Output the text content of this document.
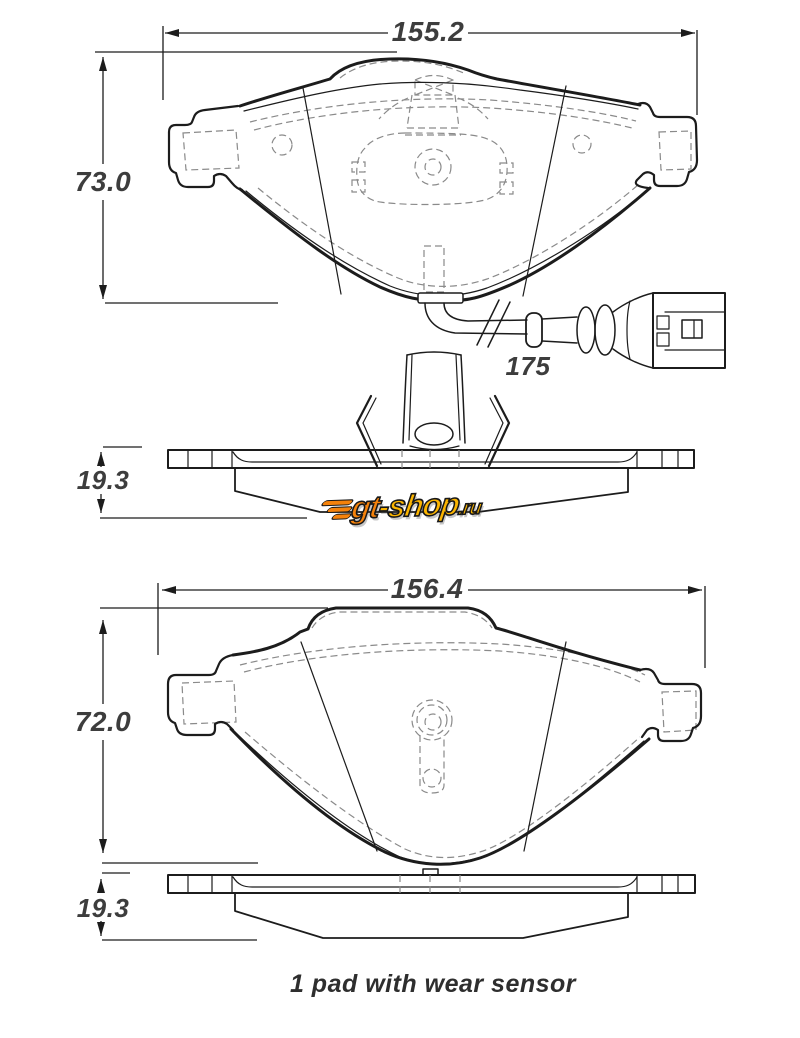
155.2
73.0
175
19.3
156.4
72.0
19.3
gt-shop.ru
1 pad with wear sensor
